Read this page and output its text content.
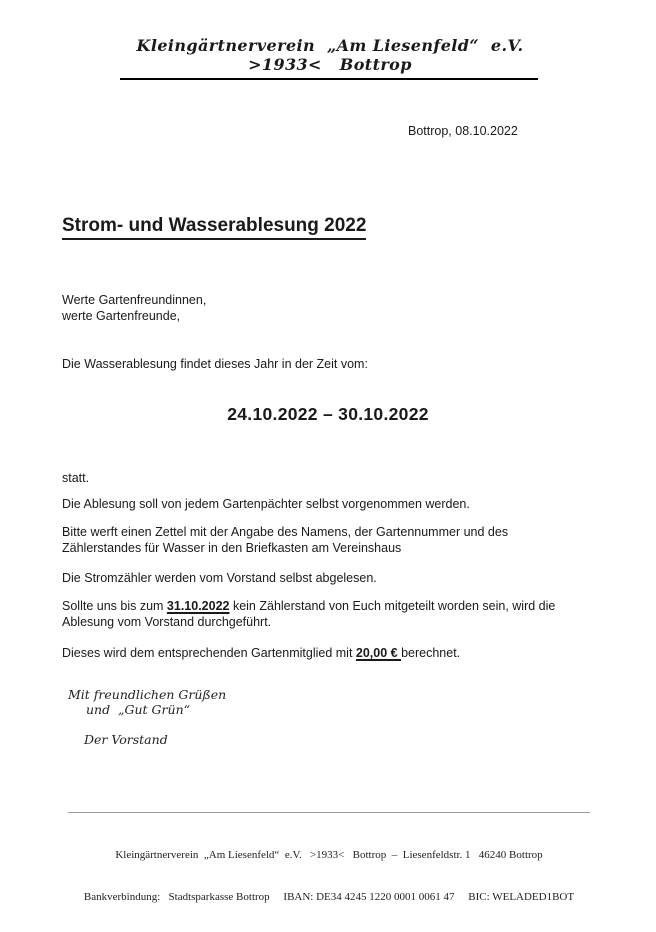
Kleingärtnerverein  „Am Liesenfeld“  e.V.  >1933<   Bottrop
Bottrop, 08.10.2022
Strom- und Wasserablesung 2022
Werte Gartenfreundinnen,
werte Gartenfreunde,
Die Wasserablesung findet dieses Jahr in der Zeit vom:
24.10.2022 – 30.10.2022
statt.
Die Ablesung soll von jedem Gartenpächter selbst vorgenommen werden.
Bitte werft einen Zettel mit der Angabe des Namens, der Gartennummer und des Zählerstandes für Wasser in den Briefkasten am Vereinshaus
Die Stromzähler werden vom Vorstand selbst abgelesen.
Sollte uns bis zum 31.10.2022 kein Zählerstand von Euch mitgeteilt worden sein, wird die Ablesung vom Vorstand durchgeführt.
Dieses wird dem entsprechenden Gartenmitglied mit 20,00 € berechnet.
Mit freundlichen Grüßen
und  „Gut Grün“
Der Vorstand

Kleingärtnerverein  „Am Liesenfeld“  e.V.   >1933<   Bottrop  –  Liesenfeldstr. 1   46240 Bottrop

Bankverbindung:   Stadtsparkasse Bottrop     IBAN: DE34 4245 1220 0001 0061 47     BIC: WELADED1BOT
